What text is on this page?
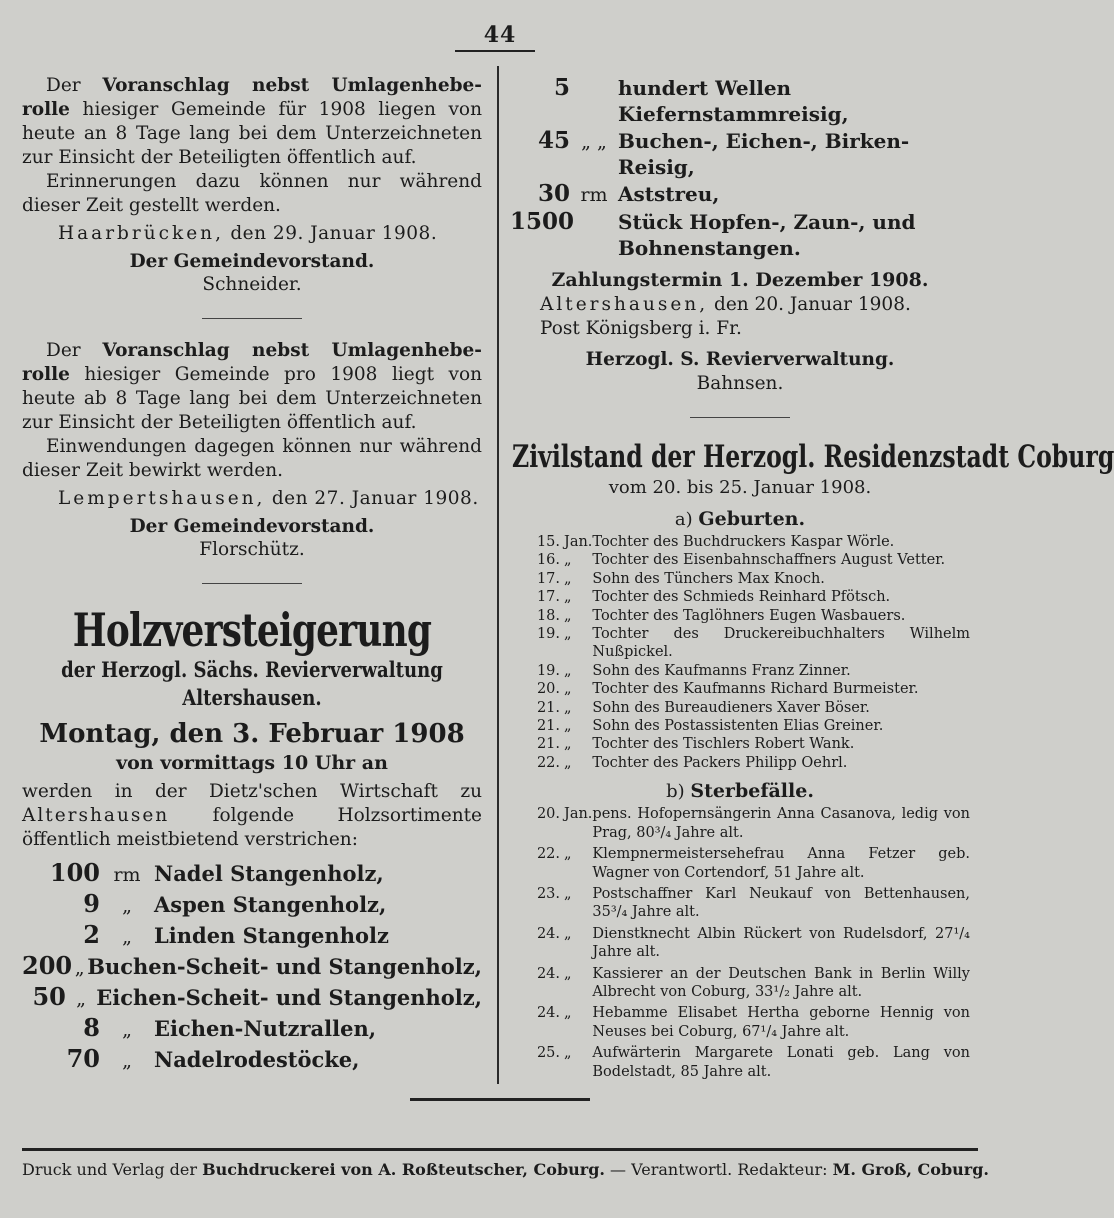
44

Der Voranschlag nebst Umlagenhebe-rolle hiesiger Gemeinde für 1908 liegen von heute an 8 Tage lang bei dem Unterzeichneten zur Einsicht der Beteiligten öffentlich auf.

Erinnerungen dazu können nur während dieser Zeit gestellt werden.

Haarbrücken, den 29. Januar 1908.

Der Gemeindevorstand.
Schneider.

Der Voranschlag nebst Umlagenhebe-rolle hiesiger Gemeinde pro 1908 liegt von heute ab 8 Tage lang bei dem Unterzeichneten zur Einsicht der Beteiligten öffentlich auf.

Einwendungen dagegen können nur während dieser Zeit bewirkt werden.

Lempertshausen, den 27. Januar 1908.

Der Gemeindevorstand.
Florschütz.
Holzversteigerung
der Herzogl. Sächs. Revierverwaltung Altershausen.
Montag, den 3. Februar 1908
von vormittags 10 Uhr an
werden in der Dietz'schen Wirtschaft zu Altershausen folgende Holzsortimente öffentlich meistbietend verstrichen:
100 rm Nadel Stangenholz,
9	„	Aspen Stangenholz,
2	„	Linden Stangenholz
200 „ Buchen-Scheit- und Stangenholz,
50 „ Eichen-Scheit- und Stangenholz,
8	„	Eichen-Nutzrallen,
70	„	Nadelrodestöcke,
5 hundert Wellen Kiefernstammreisig,
45 „ „ Buchen-, Eichen-, Birken-Reisig,
30 rm Aststreu,
1500 Stück Hopfen-, Zaun-, und Bohnenstangen.
Zahlungstermin 1. Dezember 1908.
Altershausen, den 20. Januar 1908.
Post Königsberg i. Fr.
Herzogl. S. Revierverwaltung.
Bahnsen.
Zivilstand der Herzogl. Residenzstadt Coburg
vom 20. bis 25. Januar 1908.
a) Geburten.
15.	Jan.	Tochter des Buchdruckers Kaspar Wörle.
16.	„	Tochter des Eisenbahnschaffners August Vetter.
17.	„	Sohn des Tünchers Max Knoch.
17.	„	Tochter des Schmieds Reinhard Pfötsch.
18.	„	Tochter des Taglöhners Eugen Wasbauers.
19.	„	Tochter des Druckereibuchhalters Wilhelm Nußpickel.
19.	„	Sohn des Kaufmanns Franz Zinner.
20.	„	Tochter des Kaufmanns Richard Burmeister.
21.	„	Sohn des Bureaudieners Xaver Böser.
21.	„	Sohn des Postassistenten Elias Greiner.
21.	„	Tochter des Tischlers Robert Wank.
22.	„	Tochter des Packers Philipp Oehrl.
b) Sterbefälle.
20.	Jan.	pens. Hofopernsängerin Anna Casanova, ledig von Prag, 80³/₄ Jahre alt.
22.	„	Klempnermeistersehefrau Anna Fetzer geb. Wagner von Cortendorf, 51 Jahre alt.
23.	„	Postschaffner Karl Neukauf von Bettenhausen, 35³/₄ Jahre alt.
24.	„	Dienstknecht Albin Rückert von Rudelsdorf, 27¹/₄ Jahre alt.
24.	„	Kassierer an der Deutschen Bank in Berlin Willy Albrecht von Coburg, 33¹/₂ Jahre alt.
24.	„	Hebamme Elisabet Hertha geborne Hennig von Neuses bei Coburg, 67¹/₄ Jahre alt.
25.	„	Aufwärterin Margarete Lonati geb. Lang von Bodelstadt, 85 Jahre alt.
Druck und Verlag der Buchdruckerei von A. Roßteutscher, Coburg. — Verantwortl. Redakteur: M. Groß, Coburg.
